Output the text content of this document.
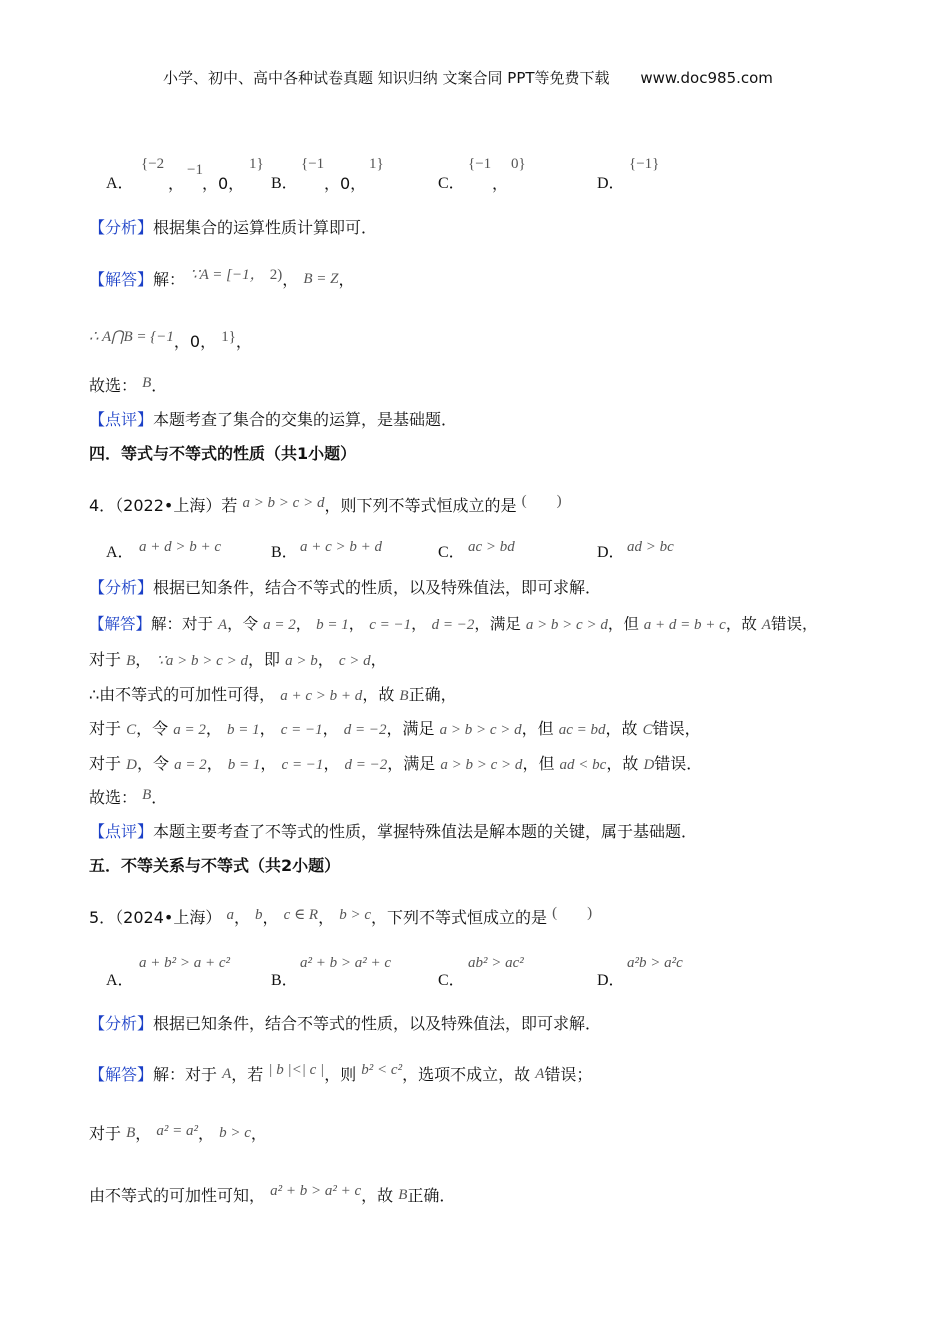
小学、初中、高中各种试卷真题 知识归纳 文案合同 PPT等免费下载 www.doc985.com
A．
{−2
，
−1
，0，
1}
B．
{−1
，0，
1}
C．
{−1
，
0}
D．
{−1}
【分析】根据集合的运算性质计算即可．
【解答】解： ∵A = [−1， 2)， B = Z，
∴ A⋂B = {−1，0， 1}，
故选： B．
【点评】本题考查了集合的交集的运算，是基础题．
四．等式与不等式的性质（共1小题）
4．（2022•上海）若 a > b > c > d，则下列不等式恒成立的是 (　　)
A． a + d > b + c	B． a + c > b + d	C． ac > bd	D． ad > bc
【分析】根据已知条件，结合不等式的性质，以及特殊值法，即可求解．
【解答】解：对于 A，令 a = 2， b = 1， c = −1， d = −2，满足 a > b > c > d，但 a + d = b + c，故 A错误，
对于 B， ∵a > b > c > d，即 a > b， c > d，
∴由不等式的可加性可得， a + c > b + d，故 B正确，
对于 C，令 a = 2， b = 1， c = −1， d = −2，满足 a > b > c > d，但 ac = bd，故 C错误，
对于 D，令 a = 2， b = 1， c = −1， d = −2，满足 a > b > c > d，但 ad < bc，故 D错误．
故选： B．
【点评】本题主要考查了不等式的性质，掌握特殊值法是解本题的关键，属于基础题．
五．不等关系与不等式（共2小题）
5．（2024•上海） a， b， c ∈ R， b > c，下列不等式恒成立的是 (　　)
A．
a + b² > a + c²
B．
a² + b > a² + c
C．
ab² > ac²
D．
a²b > a²c
【分析】根据已知条件，结合不等式的性质，以及特殊值法，即可求解．
【解答】解：对于 A，若 | b |<| c |，则 b² < c²，选项不成立，故 A错误；
对于 B， a² = a²， b > c，
由不等式的可加性可知， a² + b > a² + c，故 B正确．
